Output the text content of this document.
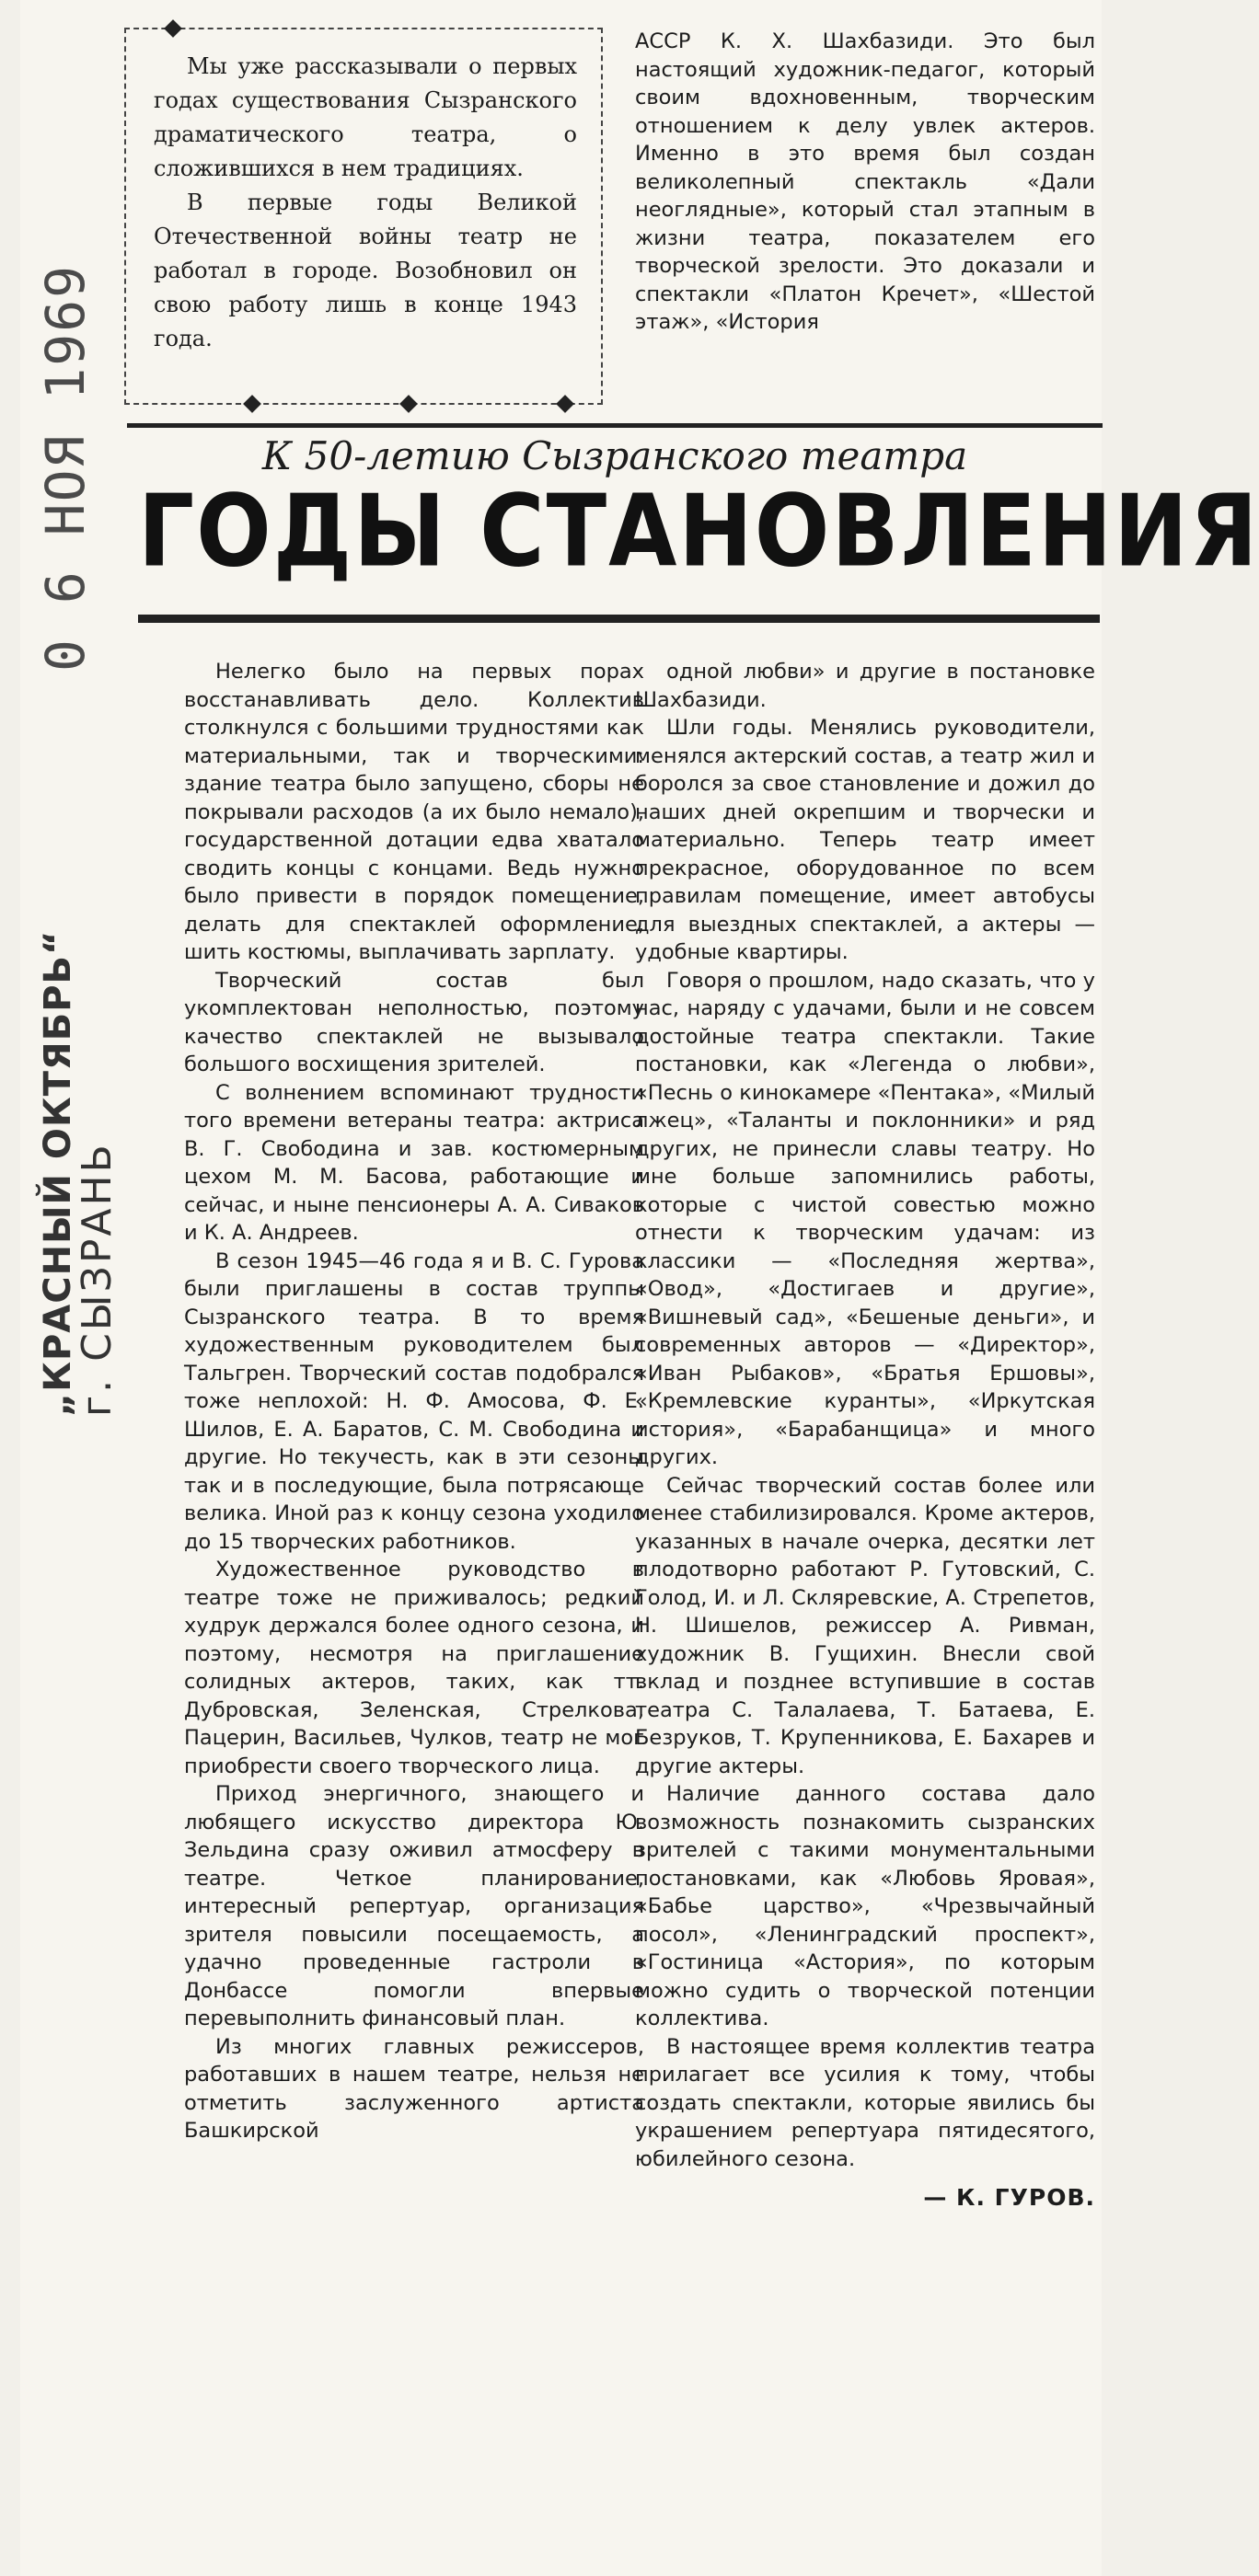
0 6 НОЯ 1969
„КРАСНЫЙ ОКТЯБРЬ“
г. СЫЗРАНЬ

Мы уже рассказывали о первых годах существования Сызранского драматического театра, о сложившихся в нем традициях.

В первые годы Великой Отечественной войны театр не работал в городе. Возобновил он свою работу лишь в конце 1943 года.

АССР К. Х. Шахбазиди. Это был настоящий художник-педагог, который своим вдохновенным, творческим отношением к делу увлек актеров. Именно в это время был создан великолепный спектакль «Дали неоглядные», который стал этапным в жизни театра, показателем его творческой зрелости. Это доказали и спектакли «Платон Кречет», «Шестой этаж», «История

К 50-летию Сызранского театра
ГОДЫ СТАНОВЛЕНИЯ

Нелегко было на первых порах восстанавливать дело. Коллектив столкнулся с большими трудностями как материальными, так и творческими: здание театра было запущено, сборы не покрывали расходов (а их было немало), государственной дотации едва хватало сводить концы с концами. Ведь нужно было привести в порядок помещение, делать для спектаклей оформление, шить костюмы, выплачивать зарплату.

Творческий состав был укомплектован неполностью, поэтому качество спектаклей не вызывало большого восхищения зрителей.

С волнением вспоминают трудности того времени ветераны театра: актриса В. Г. Свободина и зав. костюмерным цехом М. М. Басова, работающие и сейчас, и ныне пенсионеры А. А. Сиваков и К. А. Андреев.

В сезон 1945—46 года я и В. С. Гурова были приглашены в состав труппы Сызранского театра. В то время художественным руководителем был Тальгрен. Творческий состав подобрался тоже неплохой: Н. Ф. Амосова, Ф. Е. Шилов, Е. А. Баратов, С. М. Свободина и другие. Но текучесть, как в эти сезоны так и в последующие, была потрясающе велика. Иной раз к концу сезона уходило до 15 творческих работников.

Художественное руководство в театре тоже не приживалось; редкий худрук держался более одного сезона, и поэтому, несмотря на приглашение солидных актеров, таких, как тт. Дубровская, Зеленская, Стрелкова, Пацерин, Васильев, Чулков, театр не мог приобрести своего творческого лица.

Приход энергичного, знающего и любящего искусство директора Ю. Зельдина сразу оживил атмосферу в театре. Четкое планирование, интересный репертуар, организация зрителя повысили посещаемость, а удачно проведенные гастроли в Донбассе помогли впервые перевыполнить финансовый план.

Из многих главных режиссеров, работавших в нашем театре, нельзя не отметить заслуженного артиста Башкирской

одной любви» и другие в постановке Шахбазиди.

Шли годы. Менялись руководители, менялся актерский состав, а театр жил и боролся за свое становление и дожил до наших дней окрепшим и творчески и материально. Теперь театр имеет прекрасное, оборудованное по всем правилам помещение, имеет автобусы для выездных спектаклей, а актеры — удобные квартиры.

Говоря о прошлом, надо сказать, что у нас, наряду с удачами, были и не совсем достойные театра спектакли. Такие постановки, как «Легенда о любви», «Песнь о кинокамере «Пентака», «Милый лжец», «Таланты и поклонники» и ряд других, не принесли славы театру. Но мне больше запомнились работы, которые с чистой совестью можно отнести к творческим удачам: из классики — «Последняя жертва», «Овод», «Достигаев и другие», «Вишневый сад», «Бешеные деньги», и современных авторов — «Директор», «Иван Рыбаков», «Братья Ершовы», «Кремлевские куранты», «Иркутская история», «Барабанщица» и много других.

Сейчас творческий состав более или менее стабилизировался. Кроме актеров, указанных в начале очерка, десятки лет плодотворно работают Р. Гутовский, С. Голод, И. и Л. Скляревские, А. Стрепетов, Н. Шишелов, режиссер А. Ривман, художник В. Гущихин. Внесли свой вклад и позднее вступившие в состав театра С. Талалаева, Т. Батаева, Е. Безруков, Т. Крупенникова, Е. Бахарев и другие актеры.

Наличие данного состава дало возможность познакомить сызранских зрителей с такими монументальными постановками, как «Любовь Яровая», «Бабье царство», «Чрезвычайный посол», «Ленинградский проспект», «Гостиница «Астория», по которым можно судить о творческой потенции коллектива.

В настоящее время коллектив театра прилагает все усилия к тому, чтобы создать спектакли, которые явились бы украшением репертуара пятидесятого, юбилейного сезона.

— К. ГУРОВ.
